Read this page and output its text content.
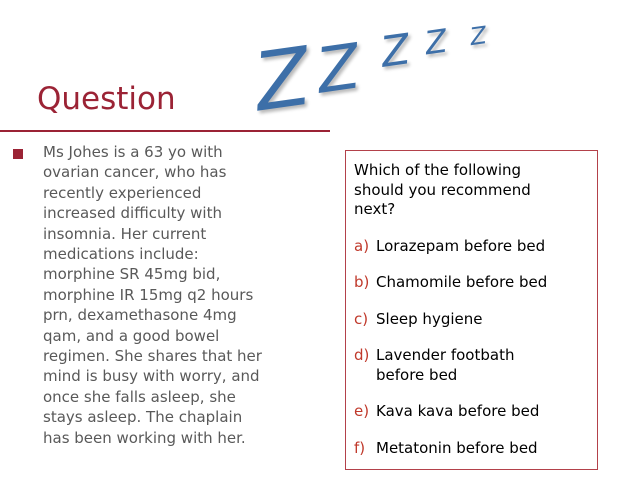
Z
Z Z Z Z
Question

Ms Johes is a 63 yo with
ovarian cancer, who has
recently experienced
increased difficulty with
insomnia. Her current
medications include:
morphine SR 45mg bid,
morphine IR 15mg q2 hours
prn, dexamethasone 4mg
qam, and a good bowel
regimen. She shares that her
mind is busy with worry, and
once she falls asleep, she
stays asleep. The chaplain
has been working with her.

Which of the following
should you recommend
next?

a) Lorazepam before bed
b) Chamomile before bed
c) Sleep hygiene
d) Lavender footbath
before bed
e) Kava kava before bed
f) Metatonin before bed
